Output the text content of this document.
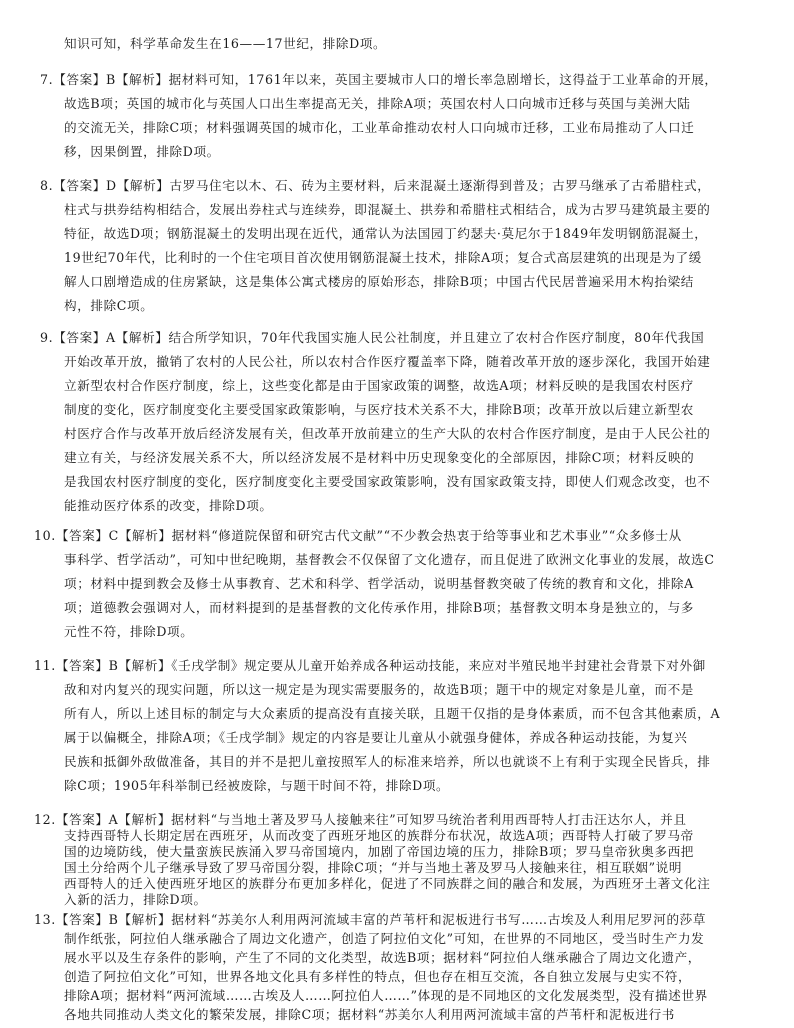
知识可知，科学革命发生在16——17世纪，排除D项。
7.【答案】B【解析】据材料可知，1761年以来，英国主要城市人口的增长率急剧增长，这得益于工业革命的开展，
故选B项；英国的城市化与英国人口出生率提高无关，排除A项；英国农村人口向城市迁移与英国与美洲大陆
的交流无关，排除C项；材料强调英国的城市化，工业革命推动农村人口向城市迁移，工业布局推动了人口迁
移，因果倒置，排除D项。
8.【答案】D【解析】古罗马住宅以木、石、砖为主要材料，后来混凝土逐渐得到普及；古罗马继承了古希腊柱式，
柱式与拱券结构相结合，发展出券柱式与连续券，即混凝土、拱券和希腊柱式相结合，成为古罗马建筑最主要的
特征，故选D项；钢筋混凝土的发明出现在近代，通常认为法国园丁约瑟夫·莫尼尔于1849年发明钢筋混凝土，
19世纪70年代，比利时的一个住宅项目首次使用钢筋混凝土技术，排除A项；复合式高层建筑的出现是为了缓
解人口剧增造成的住房紧缺，这是集体公寓式楼房的原始形态，排除B项；中国古代民居普遍采用木构抬梁结
构，排除C项。
9.【答案】A【解析】结合所学知识，70年代我国实施人民公社制度，并且建立了农村合作医疗制度，80年代我国
开始改革开放，撤销了农村的人民公社，所以农村合作医疗覆盖率下降，随着改革开放的逐步深化，我国开始建
立新型农村合作医疗制度，综上，这些变化都是由于国家政策的调整，故选A项；材料反映的是我国农村医疗
制度的变化，医疗制度变化主要受国家政策影响，与医疗技术关系不大，排除B项；改革开放以后建立新型农
村医疗合作与改革开放后经济发展有关，但改革开放前建立的生产大队的农村合作医疗制度，是由于人民公社的
建立有关，与经济发展关系不大，所以经济发展不是材料中历史现象变化的全部原因，排除C项；材料反映的
是我国农村医疗制度的变化，医疗制度变化主要受国家政策影响，没有国家政策支持，即使人们观念改变，也不
能推动医疗体系的改变，排除D项。
10.【答案】C【解析】据材料“修道院保留和研究古代文献”“不少教会热衷于给等事业和艺术事业”“众多修士从
事科学、哲学活动”，可知中世纪晚期，基督教会不仅保留了文化遗存，而且促进了欧洲文化事业的发展，故选C
项；材料中提到教会及修士从事教育、艺术和科学、哲学活动，说明基督教突破了传统的教育和文化，排除A
项；道德教会强调对人，而材料提到的是基督教的文化传承作用，排除B项；基督教文明本身是独立的，与多
元性不符，排除D项。
11.【答案】B【解析】《壬戌学制》规定要从儿童开始养成各种运动技能，来应对半殖民地半封建社会背景下对外御
敌和对内复兴的现实问题，所以这一规定是为现实需要服务的，故选B项；题干中的规定对象是儿童，而不是
所有人，所以上述目标的制定与大众素质的提高没有直接关联，且题干仅指的是身体素质，而不包含其他素质，A
属于以偏概全，排除A项；《壬戌学制》规定的内容是要让儿童从小就强身健体，养成各种运动技能，为复兴
民族和抵御外敌做准备，其目的并不是把儿童按照军人的标准来培养，所以也就谈不上有利于实现全民皆兵，排
除C项；1905年科举制已经被废除，与题干时间不符，排除D项。
12.【答案】A【解析】据材料“与当地土著及罗马人接触来往”可知罗马统治者利用西哥特人打击汪达尔人，并且
支持西哥特人长期定居在西班牙，从而改变了西班牙地区的族群分布状况，故选A项；西哥特人打破了罗马帝
国的边境防线，使大量蛮族民族涌入罗马帝国境内，加剧了帝国边境的压力，排除B项；罗马皇帝狄奥多西把
国土分给两个儿子继承导致了罗马帝国分裂，排除C项；“并与当地土著及罗马人接触来往，相互联姻”说明
西哥特人的迁入使西班牙地区的族群分布更加多样化，促进了不同族群之间的融合和发展，为西班牙土著文化注
入新的活力，排除D项。
13.【答案】B【解析】据材料“苏美尔人利用两河流域丰富的芦苇杆和泥板进行书写……古埃及人利用尼罗河的莎草
制作纸张，阿拉伯人继承融合了周边文化遗产，创造了阿拉伯文化”可知，在世界的不同地区，受当时生产力发
展水平以及生存条件的影响，产生了不同的文化类型，故选B项；据材料“阿拉伯人继承融合了周边文化遗产，
创造了阿拉伯文化”可知，世界各地文化具有多样性的特点，但也存在相互交流，各自独立发展与史实不符，
排除A项；据材料“两河流域……古埃及人……阿拉伯人……”体现的是不同地区的文化发展类型，没有描述世界
各地共同推动人类文化的繁荣发展，排除C项；据材料“苏美尔人利用两河流域丰富的芦苇杆和泥板进行书
